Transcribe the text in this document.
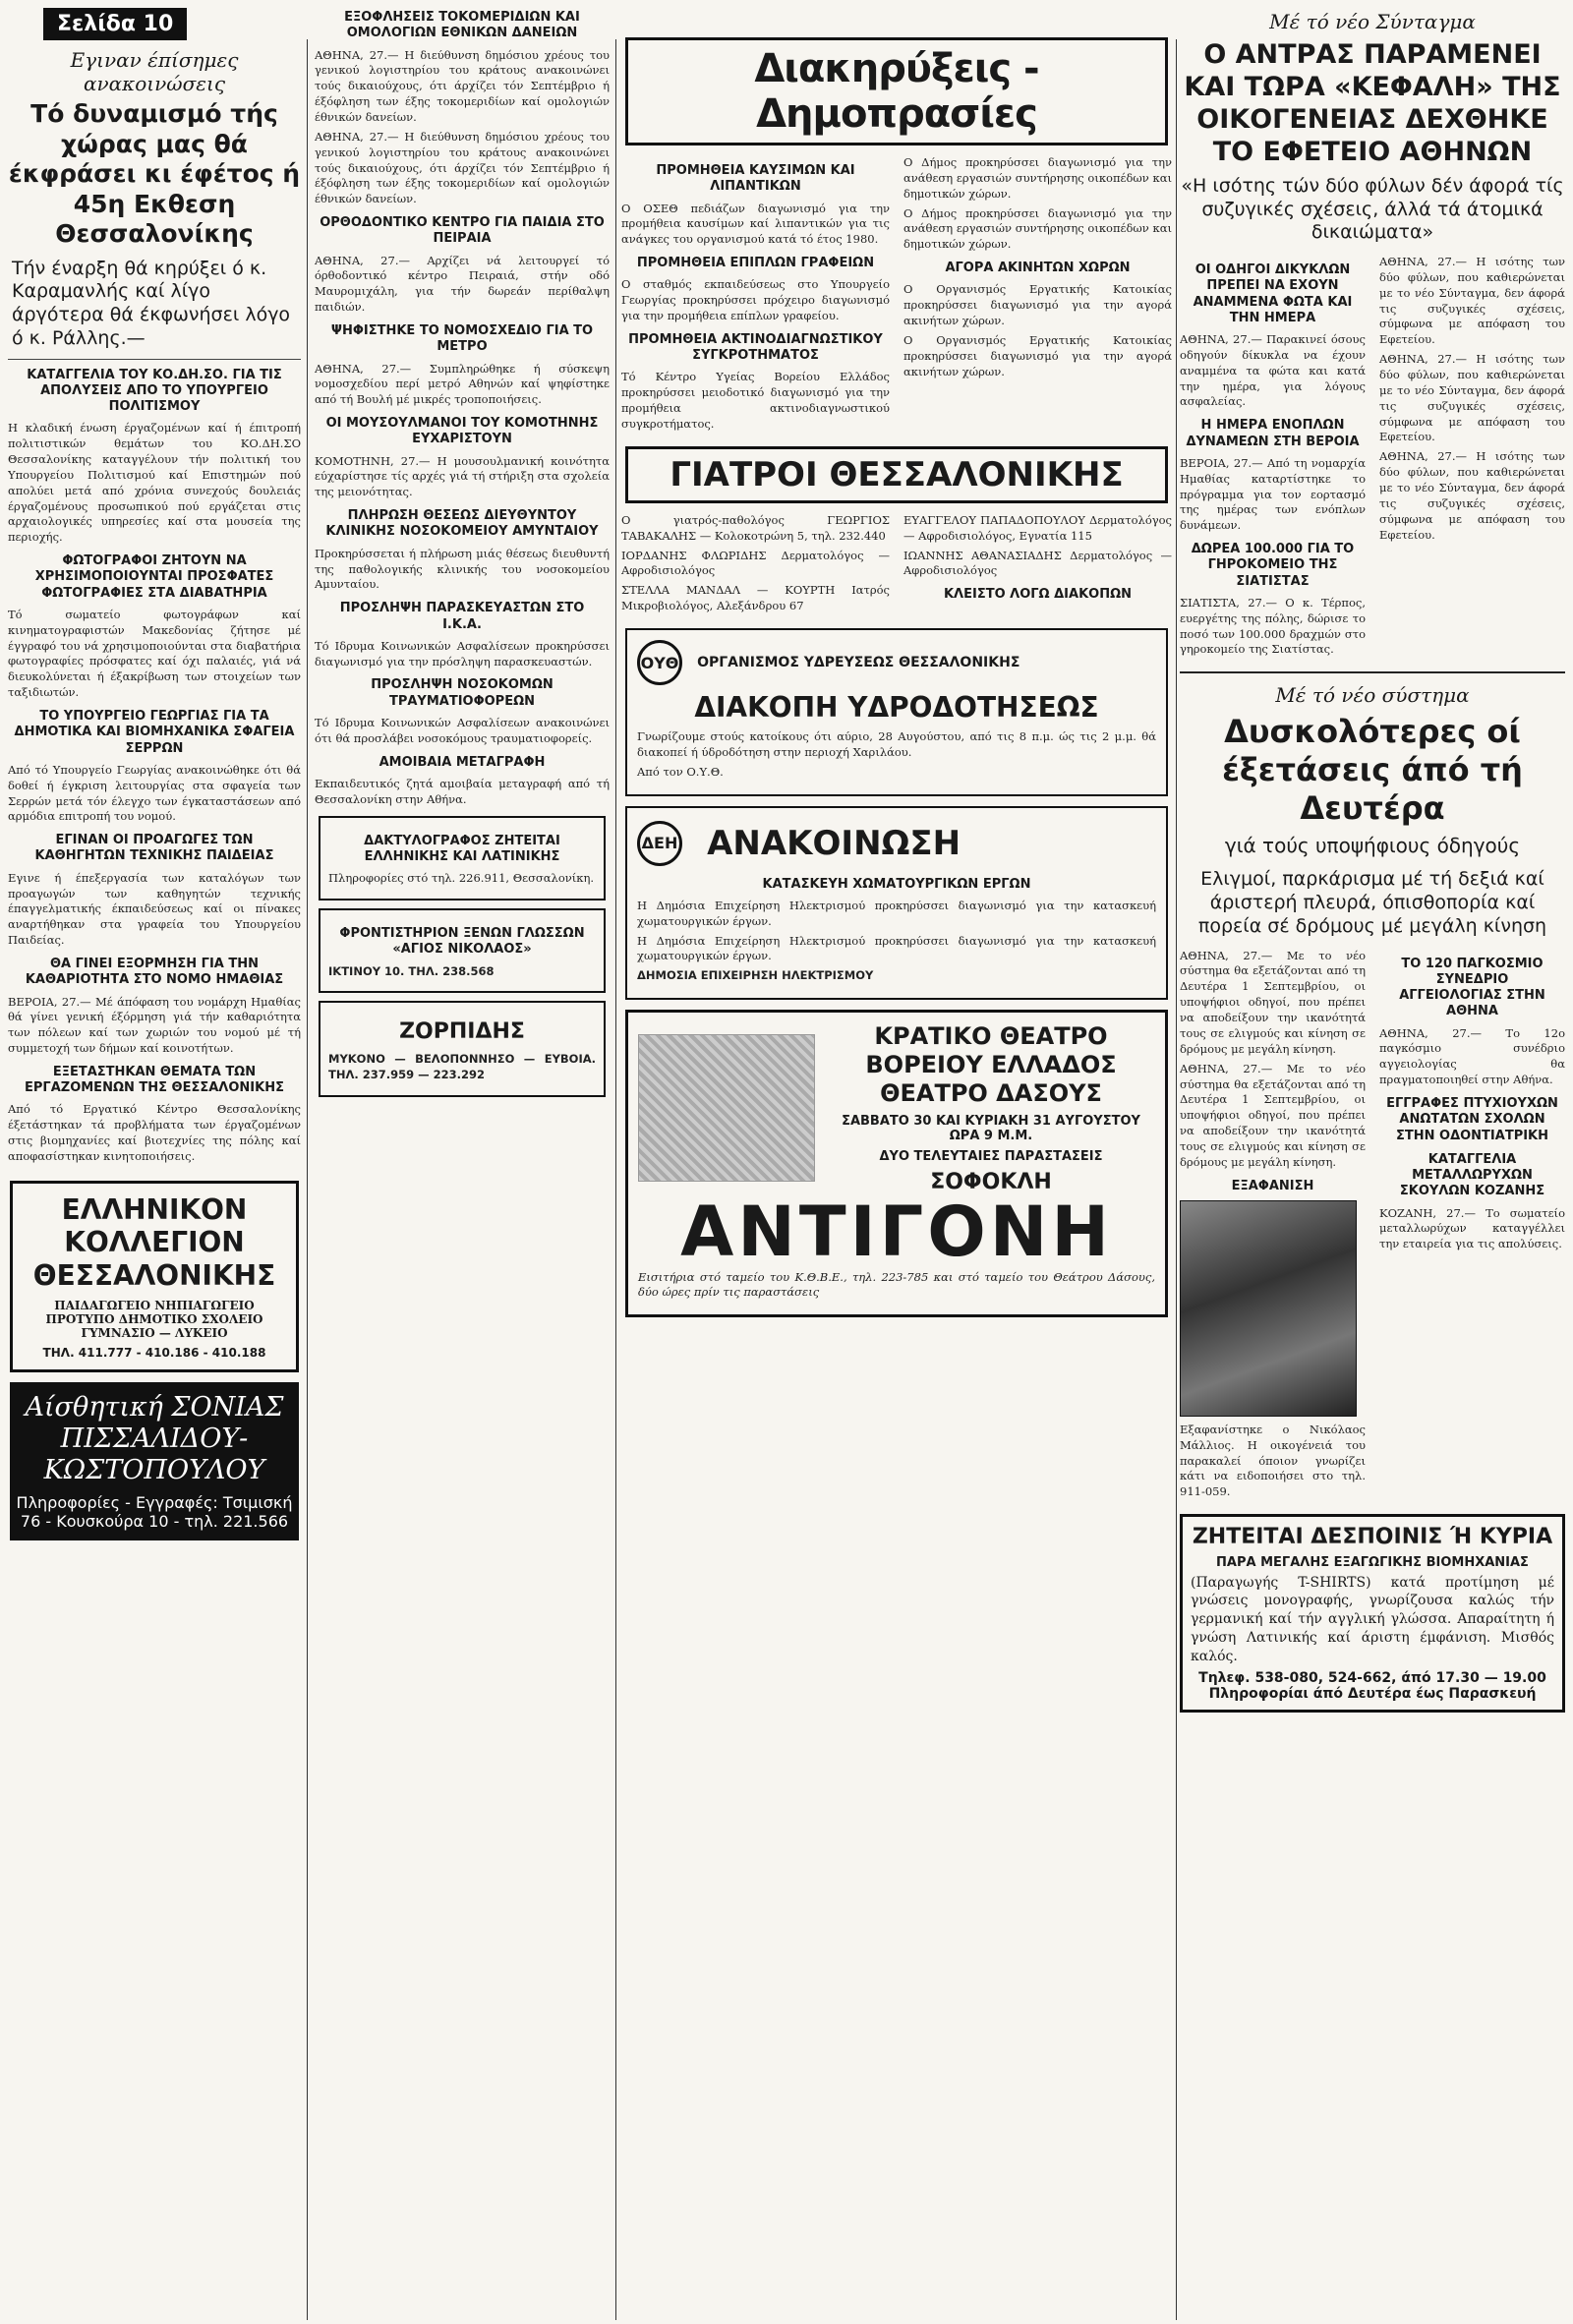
Σελίδα 10
Εγιναν έπίσημες ανακοινώσεις
Τό δυναμισμό τής χώρας μας θά έκφράσει κι έφέτος ή 45η Εκθεση Θεσσαλονίκης
Τήν έναρξη θά κηρύξει ό κ. Καραμανλής καί λίγο άργότερα θά έκφωνήσει λόγο ό κ. Ράλλης.—
ΚΑΤΑΓΓΕΛΙΑ ΤΟΥ ΚΟ.ΔΗ.ΣΟ. ΓΙΑ ΤΙΣ ΑΠΟΛΥΣΕΙΣ ΑΠΟ ΤΟ ΥΠΟΥΡΓΕΙΟ ΠΟΛΙΤΙΣΜΟΥ

Η κλαδική ένωση έργαζομένων καί ή έπιτροπή πολιτιστικών θεμάτων του ΚΟ.ΔΗ.ΣΟ Θεσσαλονίκης καταγγέλουν τήν πολιτική του Υπουργείου Πολιτισμού καί Επιστημών πού απολύει μετά από χρόνια συνεχούς δουλειάς έργαζομένους προσωπικού πού εργάζεται στις αρχαιολογικές υπηρεσίες καί στα μουσεία της περιοχής.

ΦΩΤΟΓΡΑΦΟΙ ΖΗΤΟΥΝ ΝΑ ΧΡΗΣΙΜΟΠΟΙΟΥΝΤΑΙ ΠΡΟΣΦΑΤΕΣ ΦΩΤΟΓΡΑΦΙΕΣ ΣΤΑ ΔΙΑΒΑΤΗΡΙΑ

Τό σωματείο φωτογράφων καί κινηματογραφιστών Μακεδονίας ζήτησε μέ έγγραφό του νά χρησιμοποιούνται στα διαβατήρια φωτογραφίες πρόσφατες καί όχι παλαιές, γιά νά διευκολύνεται ή έξακρίβωση των στοιχείων των ταξιδιωτών.

ΤΟ ΥΠΟΥΡΓΕΙΟ ΓΕΩΡΓΙΑΣ ΓΙΑ ΤΑ ΔΗΜΟΤΙΚΑ ΚΑΙ ΒΙΟΜΗΧΑΝΙΚΑ ΣΦΑΓΕΙΑ ΣΕΡΡΩΝ

Από τό Υπουργείο Γεωργίας ανακοινώθηκε ότι θά δοθεί ή έγκριση λειτουργίας στα σφαγεία των Σερρών μετά τόν έλεγχο των έγκαταστάσεων από αρμόδια επιτροπή του νομού.

ΕΓΙΝΑΝ ΟΙ ΠΡΟΑΓΩΓΕΣ ΤΩΝ ΚΑΘΗΓΗΤΩΝ ΤΕΧΝΙΚΗΣ ΠΑΙΔΕΙΑΣ

Εγινε ή έπεξεργασία των καταλόγων των προαγωγών των καθηγητών τεχνικής έπαγγελματικής έκπαιδεύσεως καί οι πίνακες αναρτήθηκαν στα γραφεία του Υπουργείου Παιδείας.

ΘΑ ΓΙΝΕΙ ΕΞΟΡΜΗΣΗ ΓΙΑ ΤΗΝ ΚΑΘΑΡΙΟΤΗΤΑ ΣΤΟ ΝΟΜΟ ΗΜΑΘΙΑΣ

ΒΕΡΟΙΑ, 27.— Μέ άπόφαση του νομάρχη Ημαθίας θά γίνει γενική έξόρμηση γιά τήν καθαριότητα των πόλεων καί των χωριών του νομού μέ τή συμμετοχή των δήμων καί κοινοτήτων.

ΕΞΕΤΑΣΤΗΚΑΝ ΘΕΜΑΤΑ ΤΩΝ ΕΡΓΑΖΟΜΕΝΩΝ ΤΗΣ ΘΕΣΣΑΛΟΝΙΚΗΣ

Από τό Εργατικό Κέντρο Θεσσαλονίκης έξετάστηκαν τά προβλήματα των έργαζομένων στις βιομηχανίες καί βιοτεχνίες της πόλης καί αποφασίστηκαν κινητοποιήσεις.

ΕΛΛΗΝΙΚΟΝ ΚΟΛΛΕΓΙΟΝ ΘΕΣΣΑΛΟΝΙΚΗΣ
ΠΑΙΔΑΓΩΓΕΙΟ ΝΗΠΙΑΓΩΓΕΙΟ ΠΡΟΤΥΠΟ ΔΗΜΟΤΙΚΟ ΣΧΟΛΕΙΟ ΓΥΜΝΑΣΙΟ — ΛΥΚΕΙΟ
ΤΗΛ. 411.777 - 410.186 - 410.188
Αίσθητική ΣΟΝΙΑΣ ΠΙΣΣΑΛΙΔΟΥ-ΚΩΣΤΟΠΟΥΛΟΥ
Πληροφορίες - Εγγραφές: Τσιμισκή 76 - Κουσκούρα 10 - τηλ. 221.566
ΕΞΟΦΛΗΣΕΙΣ ΤΟΚΟΜΕΡΙΔΙΩΝ ΚΑΙ ΟΜΟΛΟΓΙΩΝ ΕΘΝΙΚΩΝ ΔΑΝΕΙΩΝ

ΑΘΗΝΑ, 27.— Η διεύθυνση δημόσιου χρέους του γενικού λογιστηρίου του κράτους ανακοινώνει τούς δικαιούχους, ότι άρχίζει τόν Σεπτέμβριο ή έξόφληση των έξης τοκομεριδίων καί ομολογιών έθνικών δανείων.

ΑΘΗΝΑ, 27.— Η διεύθυνση δημόσιου χρέους του γενικού λογιστηρίου του κράτους ανακοινώνει τούς δικαιούχους, ότι άρχίζει τόν Σεπτέμβριο ή έξόφληση των έξης τοκομεριδίων καί ομολογιών έθνικών δανείων.

ΟΡΘΟΔΟΝΤΙΚΟ ΚΕΝΤΡΟ ΓΙΑ ΠΑΙΔΙΑ ΣΤΟ ΠΕΙΡΑΙΑ

ΑΘΗΝΑ, 27.— Αρχίζει νά λειτουργεί τό όρθοδοντικό κέντρο Πειραιά, στήν οδό Μαυρομιχάλη, για τήν δωρεάν περίθαλψη παιδιών.

ΨΗΦΙΣΤΗΚΕ ΤΟ ΝΟΜΟΣΧΕΔΙΟ ΓΙΑ ΤΟ ΜΕΤΡΟ

ΑΘΗΝΑ, 27.— Συμπληρώθηκε ή σύσκεψη νομοσχεδίου περί μετρό Αθηνών καί ψηφίστηκε από τή Βουλή μέ μικρές τροποποιήσεις.

ΟΙ ΜΟΥΣΟΥΛΜΑΝΟΙ ΤΟΥ ΚΟΜΟΤΗΝΗΣ ΕΥΧΑΡΙΣΤΟΥΝ

ΚΟΜΟΤΗΝΗ, 27.— Η μουσουλμανική κοινότητα εύχαρίστησε τίς αρχές γιά τή στήριξη στα σχολεία της μειονότητας.

ΠΛΗΡΩΣΗ ΘΕΣΕΩΣ ΔΙΕΥΘΥΝΤΟΥ ΚΛΙΝΙΚΗΣ ΝΟΣΟΚΟΜΕΙΟΥ ΑΜΥΝΤΑΙΟΥ

Προκηρύσσεται ή πλήρωση μιάς θέσεως διευθυντή της παθολογικής κλινικής του νοσοκομείου Αμυνταίου.

ΠΡΟΣΛΗΨΗ ΠΑΡΑΣΚΕΥΑΣΤΩΝ ΣΤΟ Ι.Κ.Α.

Τό Ιδρυμα Κοινωνικών Ασφαλίσεων προκηρύσσει διαγωνισμό για την πρόσληψη παρασκευαστών.

ΠΡΟΣΛΗΨΗ ΝΟΣΟΚΟΜΩΝ ΤΡΑΥΜΑΤΙΟΦΟΡΕΩΝ

Τό Ιδρυμα Κοινωνικών Ασφαλίσεων ανακοινώνει ότι θά προσλάβει νοσοκόμους τραυματιοφορείς.

ΑΜΟΙΒΑΙΑ ΜΕΤΑΓΡΑΦΗ

Εκπαιδευτικός ζητά αμοιβαία μεταγραφή από τή Θεσσαλονίκη στην Αθήνα.

ΔΑΚΤΥΛΟΓΡΑΦΟΣ ΖΗΤΕΙΤΑΙ ΕΛΛΗΝΙΚΗΣ ΚΑΙ ΛΑΤΙΝΙΚΗΣ

Πληροφορίες στό τηλ. 226.911, Θεσσαλονίκη.

ΦΡΟΝΤΙΣΤΗΡΙΟΝ ΞΕΝΩΝ ΓΛΩΣΣΩΝ «ΑΓΙΟΣ ΝΙΚΟΛΑΟΣ»

ΙΚΤΙΝΟΥ 10. ΤΗΛ. 238.568

ΖΟΡΠΙΔΗΣ

ΜΥΚΟΝΟ — ΒΕΛΟΠΟΝΝΗΣΟ — ΕΥΒΟΙΑ. ΤΗΛ. 237.959 — 223.292

Διακηρύξεις - Δημοπρασίες
ΠΡΟΜΗΘΕΙΑ ΚΑΥΣΙΜΩΝ ΚΑΙ ΛΙΠΑΝΤΙΚΩΝ

Ο ΟΣΕΘ πεδιάζων διαγωνισμό για την προμήθεια καυσίμων καί λιπαντικών για τις ανάγκες του οργανισμού κατά τό έτος 1980.

ΠΡΟΜΗΘΕΙΑ ΕΠΙΠΛΩΝ ΓΡΑΦΕΙΩΝ

Ο σταθμός εκπαιδεύσεως στο Υπουργείο Γεωργίας προκηρύσσει πρόχειρο διαγωνισμό για την προμήθεια επίπλων γραφείου.

ΠΡΟΜΗΘΕΙΑ ΑΚΤΙΝΟΔΙΑΓΝΩΣΤΙΚΟΥ ΣΥΓΚΡΟΤΗΜΑΤΟΣ

Τό Κέντρο Υγείας Βορείου Ελλάδος προκηρύσσει μειοδοτικό διαγωνισμό για την προμήθεια ακτινοδιαγνωστικού συγκροτήματος.

Ο Δήμος προκηρύσσει διαγωνισμό για την ανάθεση εργασιών συντήρησης οικοπέδων και δημοτικών χώρων.

Ο Δήμος προκηρύσσει διαγωνισμό για την ανάθεση εργασιών συντήρησης οικοπέδων και δημοτικών χώρων.

ΑΓΟΡΑ ΑΚΙΝΗΤΩΝ ΧΩΡΩΝ

Ο Οργανισμός Εργατικής Κατοικίας προκηρύσσει διαγωνισμό για την αγορά ακινήτων χώρων.

Ο Οργανισμός Εργατικής Κατοικίας προκηρύσσει διαγωνισμό για την αγορά ακινήτων χώρων.

ΓΙΑΤΡΟΙ ΘΕΣΣΑΛΟΝΙΚΗΣ

Ο γιατρός-παθολόγος ΓΕΩΡΓΙΟΣ ΤΑΒΑΚΑΛΗΣ — Κολοκοτρώνη 5, τηλ. 232.440

ΙΟΡΔΑΝΗΣ ΦΛΩΡΙΔΗΣ Δερματολόγος — Αφροδισιολόγος

ΣΤΕΛΛΑ ΜΑΝΔΑΛ — ΚΟΥΡΤΗ Ιατρός Μικροβιολόγος, Αλεξάνδρου 67

ΕΥΑΓΓΕΛΟΥ ΠΑΠΑΔΟΠΟΥΛΟΥ Δερματολόγος — Αφροδισιολόγος, Εγνατία 115

ΙΩΑΝΝΗΣ ΑΘΑΝΑΣΙΑΔΗΣ Δερματολόγος — Αφροδισιολόγος

ΚΛΕΙΣΤΟ ΛΟΓΩ ΔΙΑΚΟΠΩΝ
ΟΥΘ ΟΡΓΑΝΙΣΜΟΣ ΥΔΡΕΥΣΕΩΣ ΘΕΣΣΑΛΟΝΙΚΗΣ
ΔΙΑΚΟΠΗ ΥΔΡΟΔΟΤΗΣΕΩΣ

Γνωρίζουμε στούς κατοίκους ότι αύριο, 28 Αυγούστου, από τις 8 π.μ. ώς τις 2 μ.μ. θά διακοπεί ή ύδροδότηση στην περιοχή Χαριλάου.

Από τον Ο.Υ.Θ.

ΔΕΗ ΑΝΑΚΟΙΝΩΣΗ
ΚΑΤΑΣΚΕΥΗ ΧΩΜΑΤΟΥΡΓΙΚΩΝ ΕΡΓΩΝ

Η Δημόσια Επιχείρηση Ηλεκτρισμού προκηρύσσει διαγωνισμό για την κατασκευή χωματουργικών έργων.

Η Δημόσια Επιχείρηση Ηλεκτρισμού προκηρύσσει διαγωνισμό για την κατασκευή χωματουργικών έργων.

ΔΗΜΟΣΙΑ ΕΠΙΧΕΙΡΗΣΗ ΗΛΕΚΤΡΙΣΜΟΥ

ΚΡΑΤΙΚΟ ΘΕΑΤΡΟ ΒΟΡΕΙΟΥ ΕΛΛΑΔΟΣ ΘΕΑΤΡΟ ΔΑΣΟΥΣ
ΣΑΒΒΑΤΟ 30 ΚΑΙ ΚΥΡΙΑΚΗ 31 ΑΥΓΟΥΣΤΟΥ ΩΡΑ 9 Μ.Μ.
ΔΥΟ ΤΕΛΕΥΤΑΙΕΣ ΠΑΡΑΣΤΑΣΕΙΣ
ΣΟΦΟΚΛΗ
ΑΝΤΙΓΟΝΗ

Εισιτήρια στό ταμείο του Κ.Θ.Β.Ε., τηλ. 223-785 και στό ταμείο του Θεάτρου Δάσους, δύο ώρες πρίν τις παραστάσεις

Μέ τό νέο Σύνταγμα
Ο ΑΝΤΡΑΣ ΠΑΡΑΜΕΝΕΙ ΚΑΙ ΤΩΡΑ «ΚΕΦΑΛΗ» ΤΗΣ ΟΙΚΟΓΕΝΕΙΑΣ ΔΕΧΘΗΚΕ ΤΟ ΕΦΕΤΕΙΟ ΑΘΗΝΩΝ
«Η ισότης τών δύο φύλων δέν άφορά τίς συζυγικές σχέσεις, άλλά τά άτομικά δικαιώματα»
ΟΙ ΟΔΗΓΟΙ ΔΙΚΥΚΛΩΝ ΠΡΕΠΕΙ ΝΑ ΕΧΟΥΝ ΑΝΑΜΜΕΝΑ ΦΩΤΑ ΚΑΙ ΤΗΝ ΗΜΕΡΑ

ΑΘΗΝΑ, 27.— Παρακινεί όσους οδηγούν δίκυκλα να έχουν αναμμένα τα φώτα και κατά την ημέρα, για λόγους ασφαλείας.

Η ΗΜΕΡΑ ΕΝΟΠΛΩΝ ΔΥΝΑΜΕΩΝ ΣΤΗ ΒΕΡΟΙΑ

ΒΕΡΟΙΑ, 27.— Από τη νομαρχία Ημαθίας καταρτίστηκε το πρόγραμμα για τον εορτασμό της ημέρας των ενόπλων δυνάμεων.

ΔΩΡΕΑ 100.000 ΓΙΑ ΤΟ ΓΗΡΟΚΟΜΕΙΟ ΤΗΣ ΣΙΑΤΙΣΤΑΣ

ΣΙΑΤΙΣΤΑ, 27.— Ο κ. Τέρπος, ευεργέτης της πόλης, δώρισε το ποσό των 100.000 δραχμών στο γηροκομείο της Σιατίστας.

ΑΘΗΝΑ, 27.— Η ισότης των δύο φύλων, που καθιερώνεται με το νέο Σύνταγμα, δεν άφορά τις συζυγικές σχέσεις, σύμφωνα με απόφαση του Εφετείου.

ΑΘΗΝΑ, 27.— Η ισότης των δύο φύλων, που καθιερώνεται με το νέο Σύνταγμα, δεν άφορά τις συζυγικές σχέσεις, σύμφωνα με απόφαση του Εφετείου.

ΑΘΗΝΑ, 27.— Η ισότης των δύο φύλων, που καθιερώνεται με το νέο Σύνταγμα, δεν άφορά τις συζυγικές σχέσεις, σύμφωνα με απόφαση του Εφετείου.

Μέ τό νέο σύστημα
Δυσκολότερες οί έξετάσεις άπό τή Δευτέρα
γιά τούς υποψήφιους όδηγούς
Ελιγμοί, παρκάρισμα μέ τή δεξιά καί άριστερή πλευρά, όπισθοπορία καί πορεία σέ δρόμους μέ μεγάλη κίνηση

ΑΘΗΝΑ, 27.— Με το νέο σύστημα θα εξετάζονται από τη Δευτέρα 1 Σεπτεμβρίου, οι υποψήφιοι οδηγοί, που πρέπει να αποδείξουν την ικανότητά τους σε ελιγμούς και κίνηση σε δρόμους με μεγάλη κίνηση.

ΑΘΗΝΑ, 27.— Με το νέο σύστημα θα εξετάζονται από τη Δευτέρα 1 Σεπτεμβρίου, οι υποψήφιοι οδηγοί, που πρέπει να αποδείξουν την ικανότητά τους σε ελιγμούς και κίνηση σε δρόμους με μεγάλη κίνηση.

ΕΞΑΦΑΝΙΣΗ

Εξαφανίστηκε ο Νικόλαος Μάλλιος. Η οικογένειά του παρακαλεί όποιον γνωρίζει κάτι να ειδοποιήσει στο τηλ. 911-059.

ΤΟ 120 ΠΑΓΚΟΣΜΙΟ ΣΥΝΕΔΡΙΟ ΑΓΓΕΙΟΛΟΓΙΑΣ ΣΤΗΝ ΑΘΗΝΑ

ΑΘΗΝΑ, 27.— Το 12ο παγκόσμιο συνέδριο αγγειολογίας θα πραγματοποιηθεί στην Αθήνα.

ΕΓΓΡΑΦΕΣ ΠΤΥΧΙΟΥΧΩΝ ΑΝΩΤΑΤΩΝ ΣΧΟΛΩΝ ΣΤΗΝ ΟΔΟΝΤΙΑΤΡΙΚΗ
ΚΑΤΑΓΓΕΛΙΑ ΜΕΤΑΛΛΩΡΥΧΩΝ ΣΚΟΥΛΩΝ ΚΟΖΑΝΗΣ

ΚΟΖΑΝΗ, 27.— Το σωματείο μεταλλωρύχων καταγγέλλει την εταιρεία για τις απολύσεις.

ΖΗΤΕΙΤΑΙ ΔΕΣΠΟΙΝΙΣ Ή ΚΥΡΙΑ
ΠΑΡΑ ΜΕΓΑΛΗΣ ΕΞΑΓΩΓΙΚΗΣ ΒΙΟΜΗΧΑΝΙΑΣ
(Παραγωγής T-SHIRTS) κατά προτίμηση μέ γνώσεις μονογραφής, γνωρίζουσα καλώς τήν γερμανική καί τήν αγγλική γλώσσα. Απαραίτητη ή γνώση Λατινικής καί άριστη έμφάνιση. Μισθός καλός.
Τηλεφ. 538-080, 524-662, άπό 17.30 — 19.00 Πληροφορίαι άπό Δευτέρα έως Παρασκευή
